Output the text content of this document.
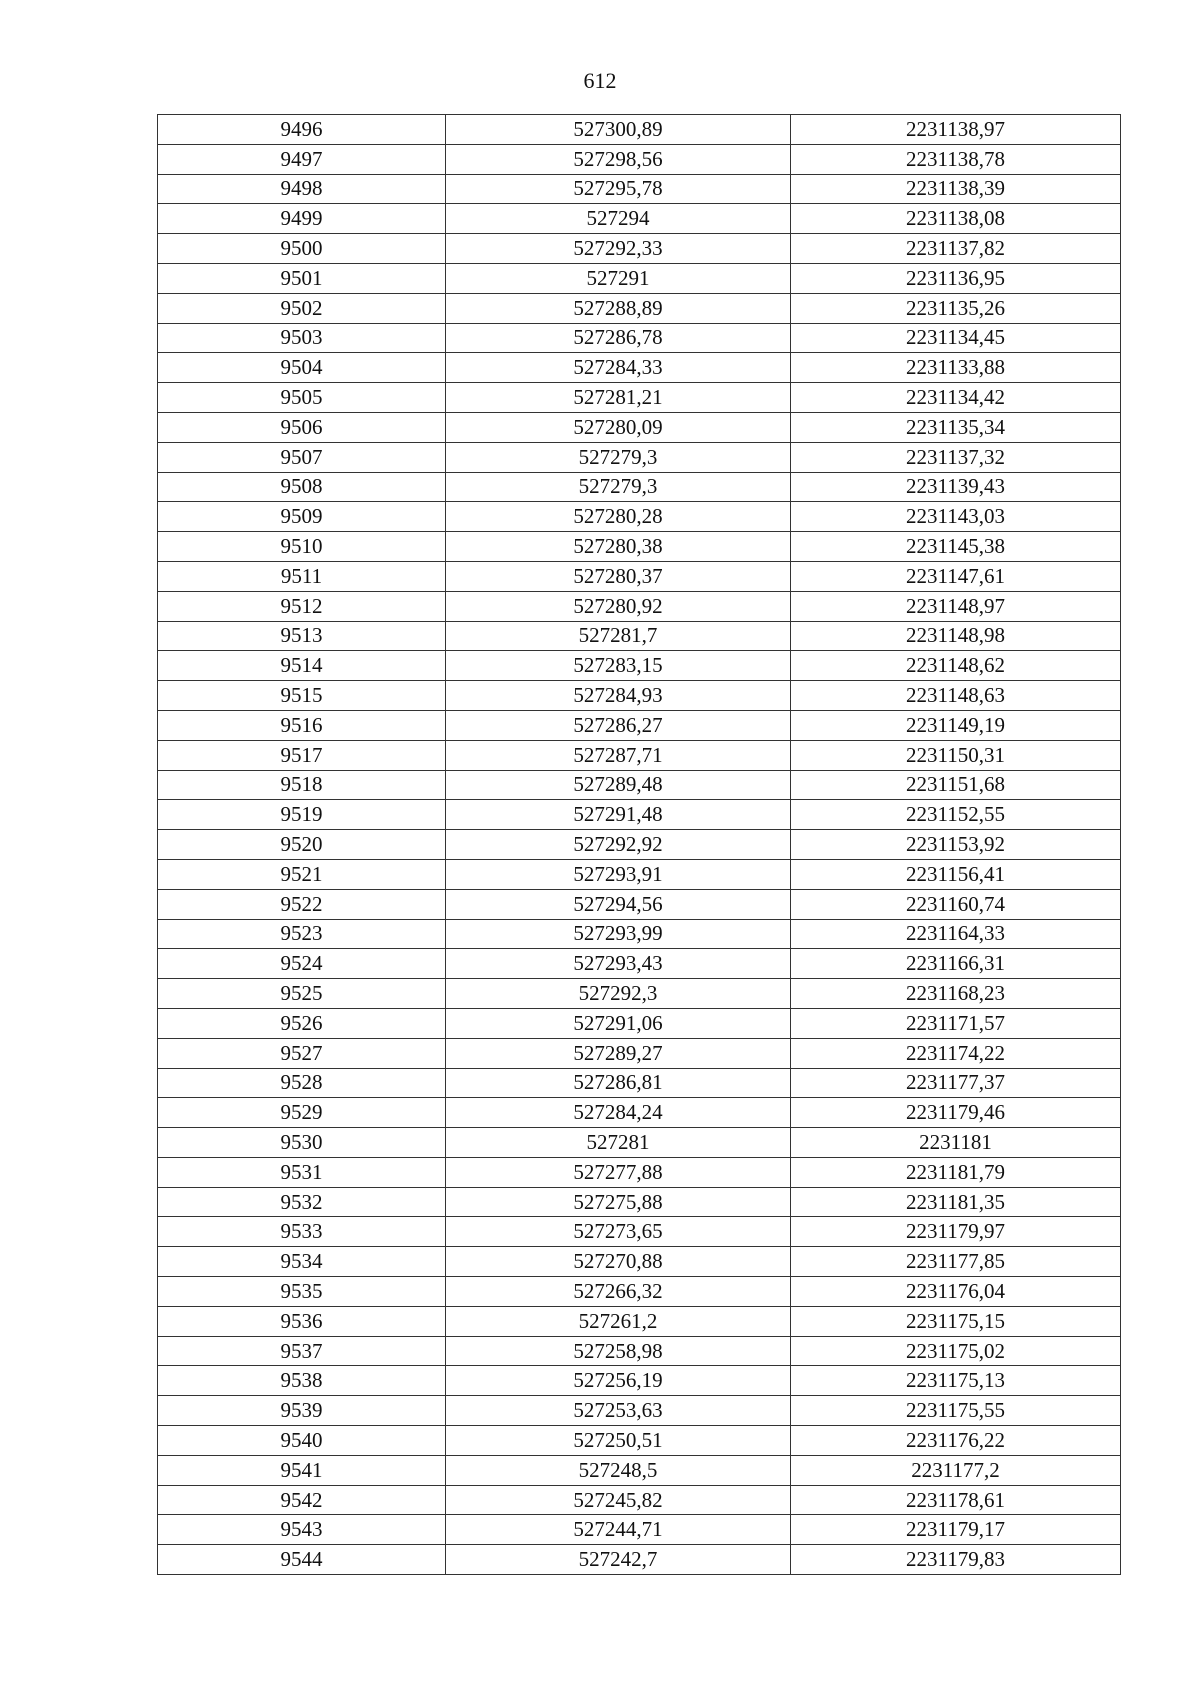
612
9496	527300,89	2231138,97
9497	527298,56	2231138,78
9498	527295,78	2231138,39
9499	527294	2231138,08
9500	527292,33	2231137,82
9501	527291	2231136,95
9502	527288,89	2231135,26
9503	527286,78	2231134,45
9504	527284,33	2231133,88
9505	527281,21	2231134,42
9506	527280,09	2231135,34
9507	527279,3	2231137,32
9508	527279,3	2231139,43
9509	527280,28	2231143,03
9510	527280,38	2231145,38
9511	527280,37	2231147,61
9512	527280,92	2231148,97
9513	527281,7	2231148,98
9514	527283,15	2231148,62
9515	527284,93	2231148,63
9516	527286,27	2231149,19
9517	527287,71	2231150,31
9518	527289,48	2231151,68
9519	527291,48	2231152,55
9520	527292,92	2231153,92
9521	527293,91	2231156,41
9522	527294,56	2231160,74
9523	527293,99	2231164,33
9524	527293,43	2231166,31
9525	527292,3	2231168,23
9526	527291,06	2231171,57
9527	527289,27	2231174,22
9528	527286,81	2231177,37
9529	527284,24	2231179,46
9530	527281	2231181
9531	527277,88	2231181,79
9532	527275,88	2231181,35
9533	527273,65	2231179,97
9534	527270,88	2231177,85
9535	527266,32	2231176,04
9536	527261,2	2231175,15
9537	527258,98	2231175,02
9538	527256,19	2231175,13
9539	527253,63	2231175,55
9540	527250,51	2231176,22
9541	527248,5	2231177,2
9542	527245,82	2231178,61
9543	527244,71	2231179,17
9544	527242,7	2231179,83
